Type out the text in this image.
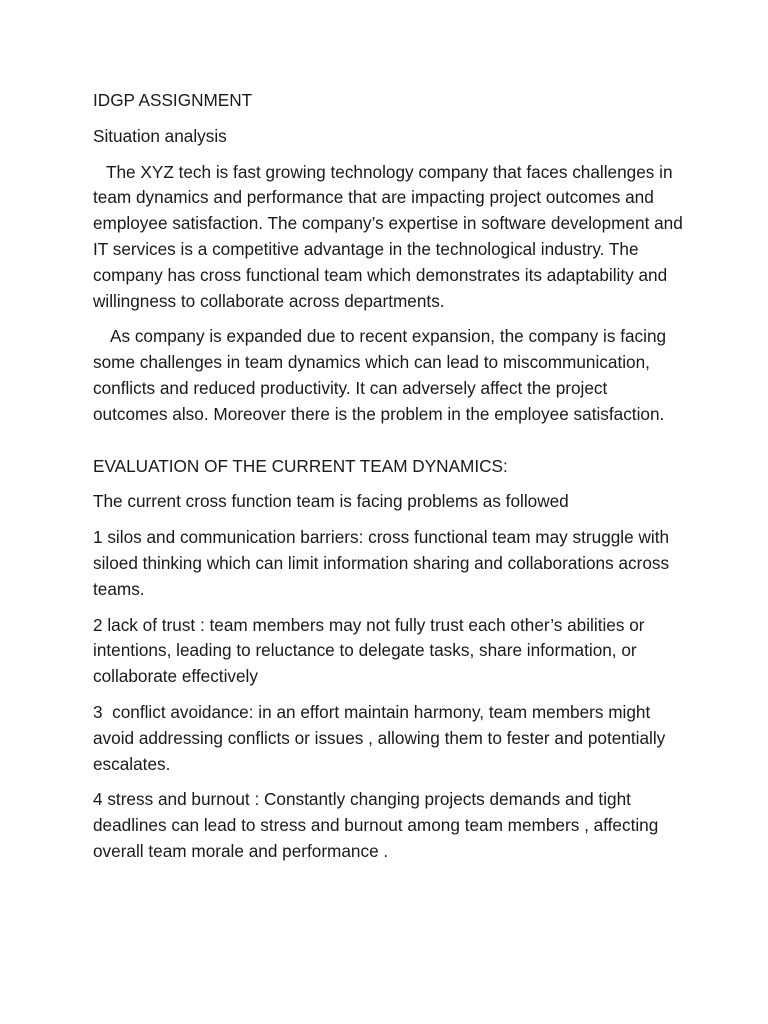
IDGP ASSIGNMENT

Situation analysis

The XYZ tech is fast growing technology company that faces challenges in team dynamics and performance that are impacting project outcomes and employee satisfaction. The company’s expertise in software development and IT services is a competitive advantage in the technological industry. The company has cross functional team which demonstrates its adaptability and willingness to collaborate across departments.

As company is expanded due to recent expansion, the company is facing some challenges in team dynamics which can lead to miscommunication, conflicts and reduced productivity. It can adversely affect the project outcomes also. Moreover there is the problem in the employee satisfaction.

EVALUATION OF THE CURRENT TEAM DYNAMICS:

The current cross function team is facing problems as followed

1 silos and communication barriers: cross functional team may struggle with siloed thinking which can limit information sharing and collaborations across teams.

2 lack of trust : team members may not fully trust each other’s abilities or intentions, leading to reluctance to delegate tasks, share information, or collaborate effectively

3  conflict avoidance: in an effort maintain harmony, team members might avoid addressing conflicts or issues , allowing them to fester and potentially escalates.

4 stress and burnout : Constantly changing projects demands and tight deadlines can lead to stress and burnout among team members , affecting overall team morale and performance .
